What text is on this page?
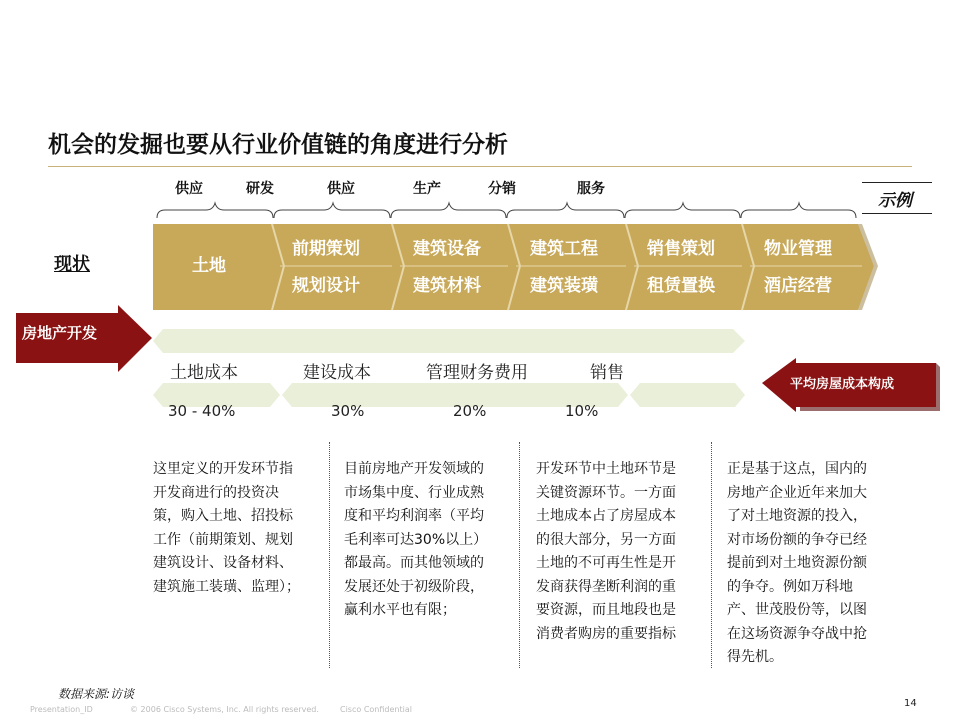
机会的发掘也要从行业价值链的角度进行分析
供应	研发	供应	生产	分销	服务
示例
现状	土地
前期策划
规划设计
建筑设备
建筑材料
建筑工程
建筑装璜
销售策划
租赁置换
物业管理
酒店经营
房地产开发
平均房屋成本构成
土地成本	建设成本	管理财务费用	销售
30 - 40%	30%	20%	10%
这里定义的开发环节指开发商进行的投资决策，购入土地、招投标工作（前期策划、规划建筑设计、设备材料、建筑施工装璜、监理）；
目前房地产开发领域的市场集中度、行业成熟度和平均利润率（平均毛利率可达30%以上）都最高。而其他领域的发展还处于初级阶段，赢利水平也有限；
开发环节中土地环节是关键资源环节。一方面土地成本占了房屋成本的很大部分，另一方面土地的不可再生性是开发商获得垄断利润的重要资源，而且地段也是消费者购房的重要指标
正是基于这点，国内的房地产企业近年来加大了对土地资源的投入，对市场份额的争夺已经提前到对土地资源份额的争夺。例如万科地产、世茂股份等，以图在这场资源争夺战中抢得先机。
数据来源:访谈
Presentation_ID	© 2006 Cisco Systems, Inc. All rights reserved.	Cisco Confidential
14
